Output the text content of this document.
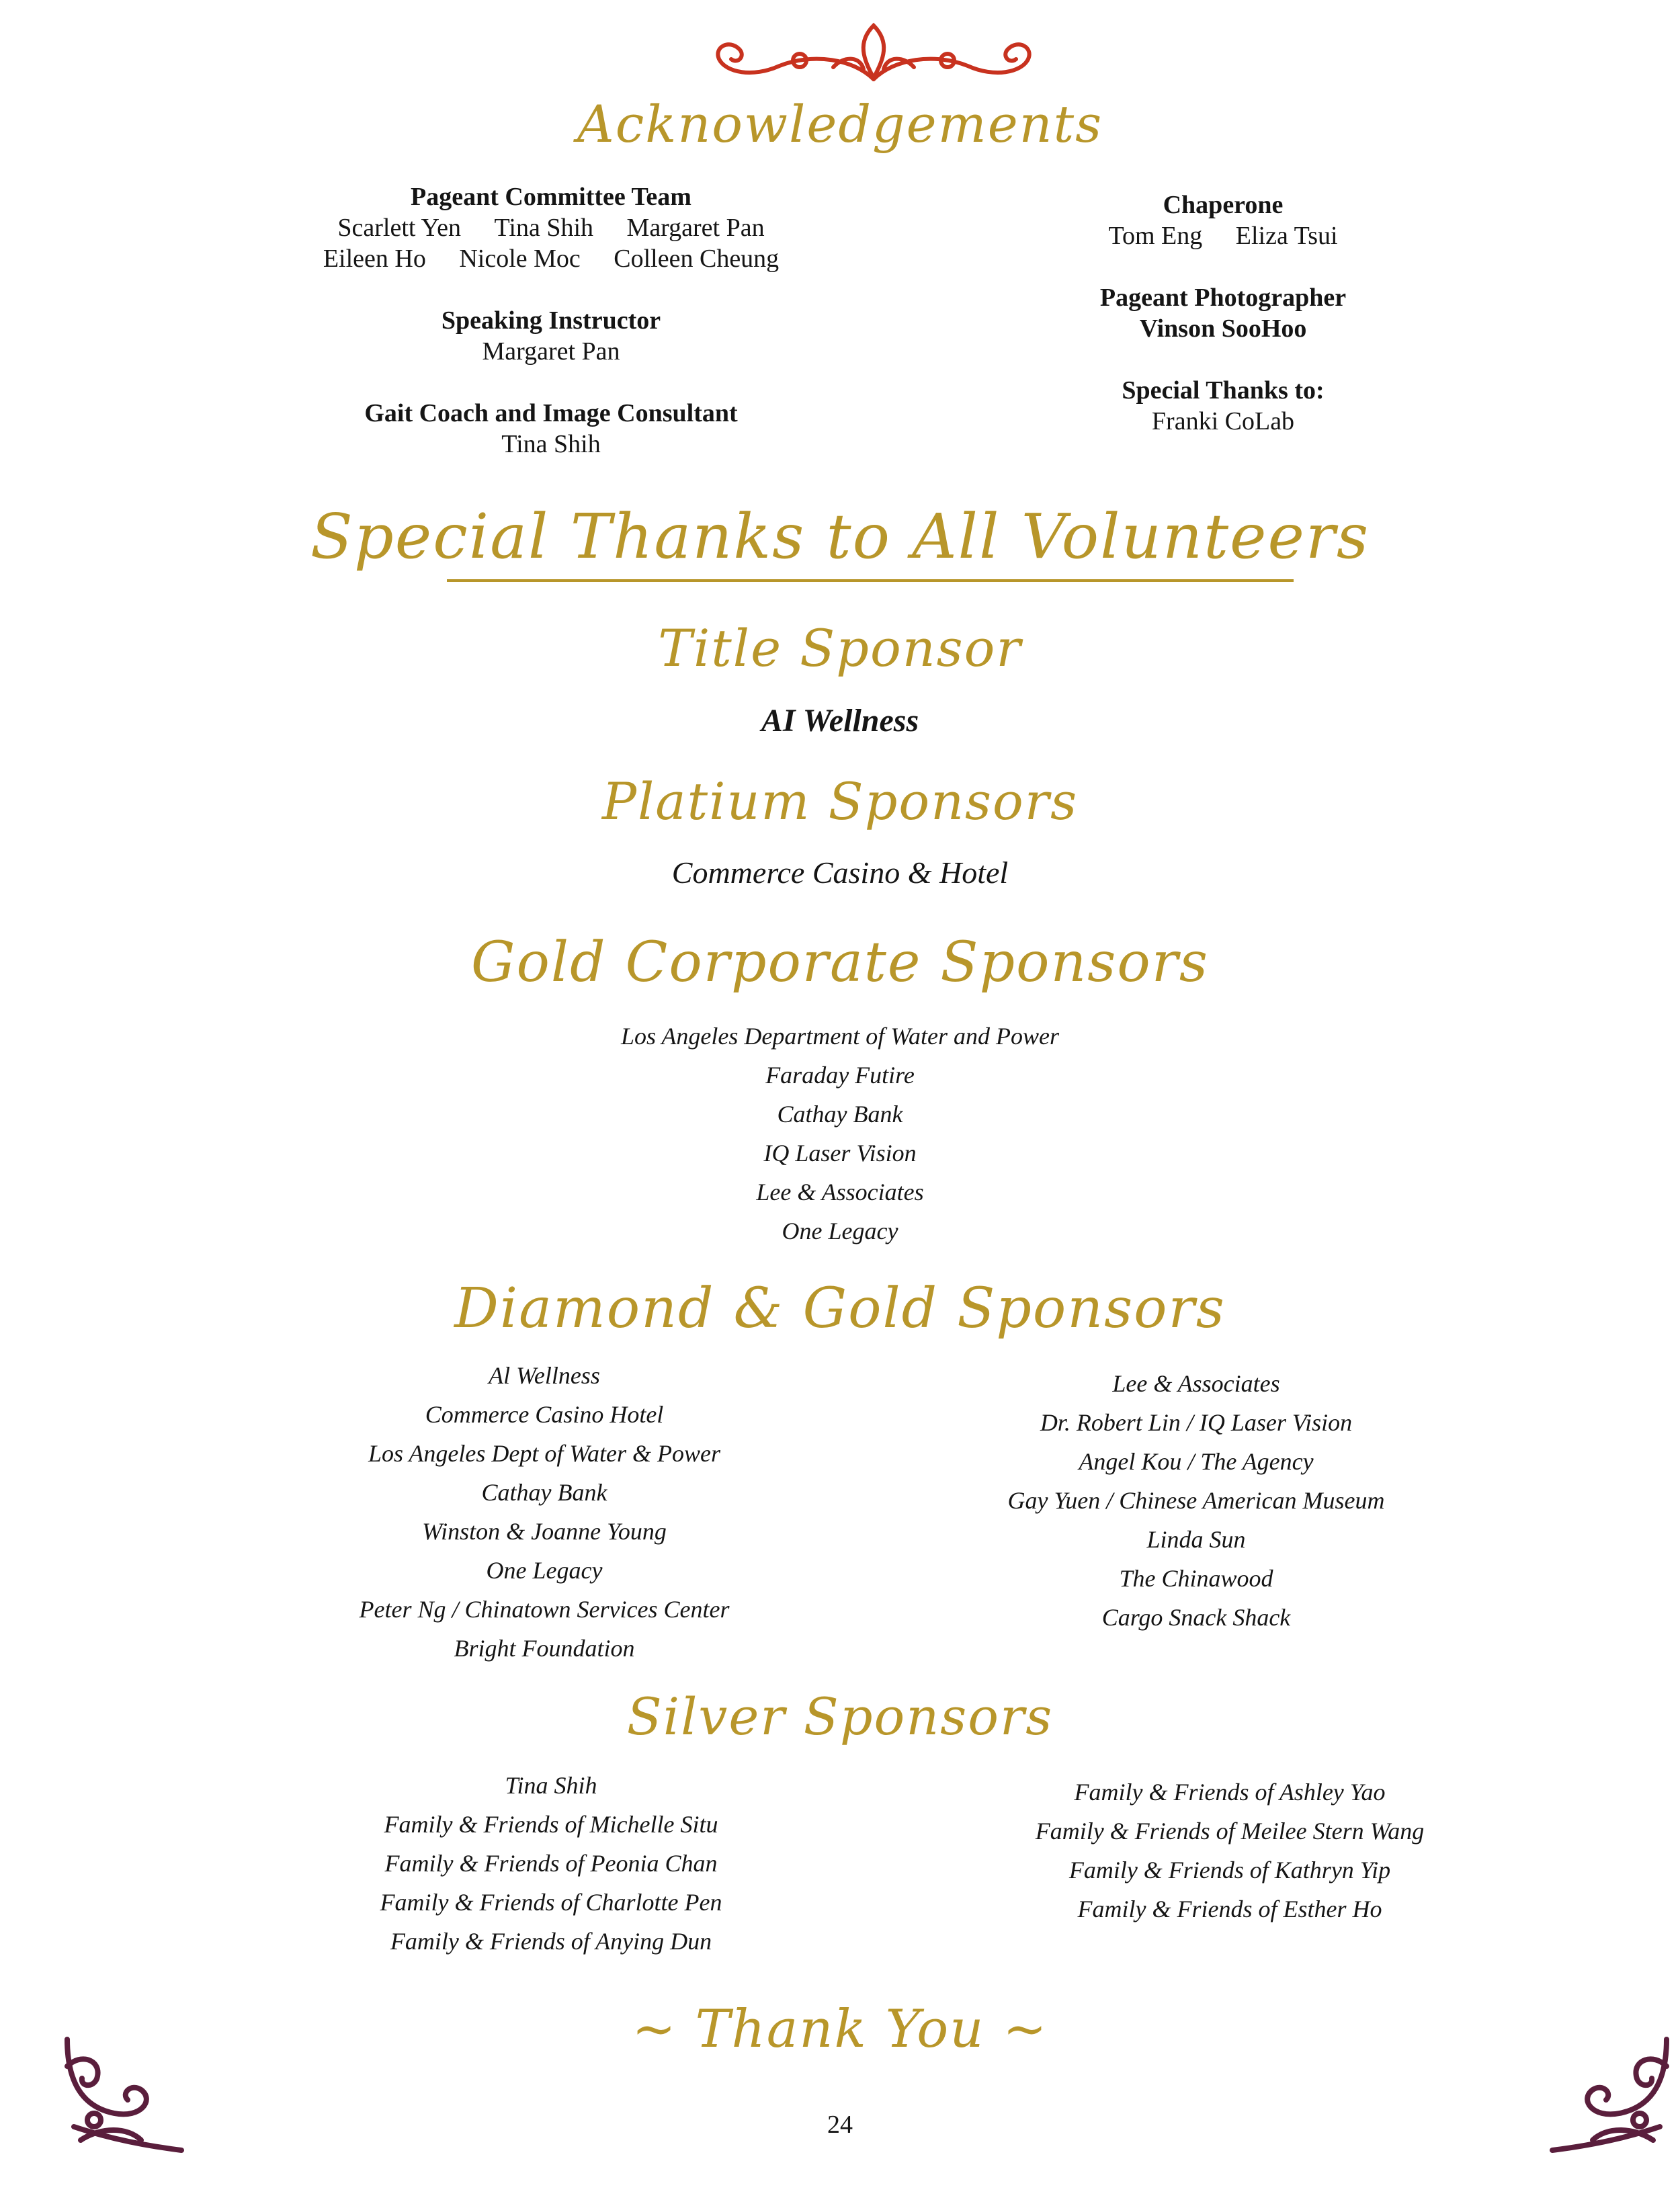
Acknowledgements
Pageant Committee Team
Scarlett Yen Tina Shih Margaret Pan
Eileen Ho Nicole Moc Colleen Cheung
Speaking Instructor
Margaret Pan
Gait Coach and Image Consultant
Tina Shih
Chaperone
Tom Eng Eliza Tsui
Pageant Photographer
Vinson SooHoo
Special Thanks to:
Franki CoLab
Special Thanks to All Volunteers
Title Sponsor
AI Wellness
Platium Sponsors
Commerce Casino & Hotel
Gold Corporate Sponsors
Los Angeles Department of Water and Power
Faraday Futire
Cathay Bank
IQ Laser Vision
Lee & Associates
One Legacy
Diamond & Gold Sponsors
Al Wellness
Commerce Casino Hotel
Los Angeles Dept of Water & Power
Cathay Bank
Winston & Joanne Young
One Legacy
Peter Ng / Chinatown Services Center
Bright Foundation
Lee & Associates
Dr. Robert Lin / IQ Laser Vision
Angel Kou / The Agency
Gay Yuen / Chinese American Museum
Linda Sun
The Chinawood
Cargo Snack Shack
Silver Sponsors
Tina Shih
Family & Friends of Michelle Situ
Family & Friends of Peonia Chan
Family & Friends of Charlotte Pen
Family & Friends of Anying Dun
Family & Friends of Ashley Yao
Family & Friends of Meilee Stern Wang
Family & Friends of Kathryn Yip
Family & Friends of Esther Ho
~ Thank You ~
24
